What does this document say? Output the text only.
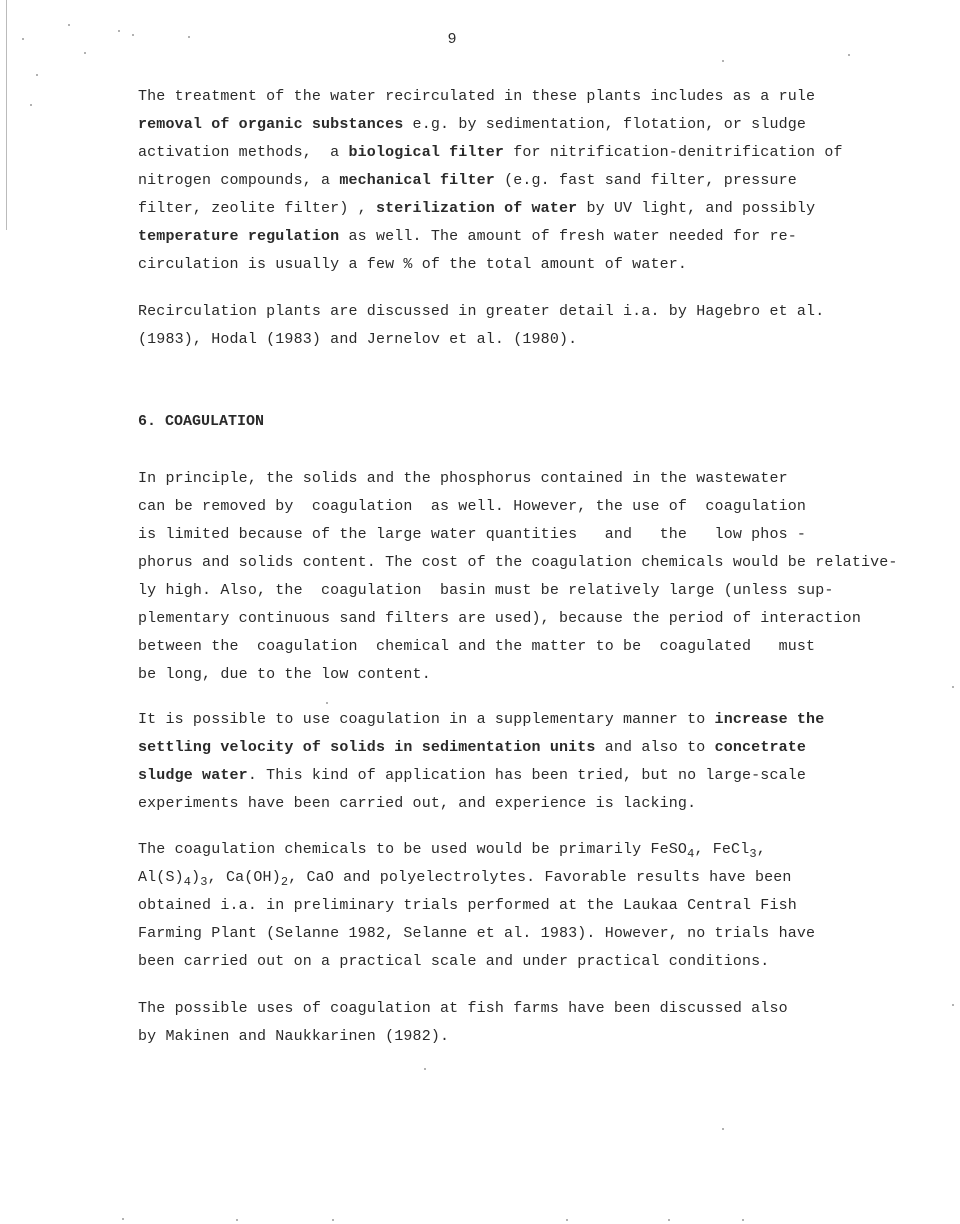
9
The treatment of the water recirculated in these plants includes as a rule
removal of organic substances e.g. by sedimentation, flotation, or sludge
activation methods,  a biological filter for nitrification-denitrification of
nitrogen compounds, a mechanical filter (e.g. fast sand filter, pressure
filter, zeolite filter) , sterilization of water by UV light, and possibly
temperature regulation as well. The amount of fresh water needed for re-
circulation is usually a few % of the total amount of water.
Recirculation plants are discussed in greater detail i.a. by Hagebro et al.
(1983), Hodal (1983) and Jernelov et al. (1980).
6. COAGULATION
In principle, the solids and the phosphorus contained in the wastewater
can be removed by  coagulation  as well. However, the use of  coagulation
is limited because of the large water quantities   and   the   low phos -
phorus and solids content. The cost of the coagulation chemicals would be relative-
ly high. Also, the  coagulation  basin must be relatively large (unless sup-
plementary continuous sand filters are used), because the period of interaction
between the  coagulation  chemical and the matter to be  coagulated   must
be long, due to the low content.
It is possible to use coagulation in a supplementary manner to increase the
settling velocity of solids in sedimentation units and also to concetrate
sludge water. This kind of application has been tried, but no large-scale
experiments have been carried out, and experience is lacking.
The coagulation chemicals to be used would be primarily FeSO$_4$, FeCl$_3$,
$Al(S)_4)_3$, $Ca(OH)_2$, CaO and polyelectrolytes. Favorable results have been
obtained i.a. in preliminary trials performed at the Laukaa Central Fish
Farming Plant (Selanne 1982, Selanne et al. 1983). However, no trials have
been carried out on a practical scale and under practical conditions.
The possible uses of coagulation at fish farms have been discussed also
by Makinen and Naukkarinen (1982).
